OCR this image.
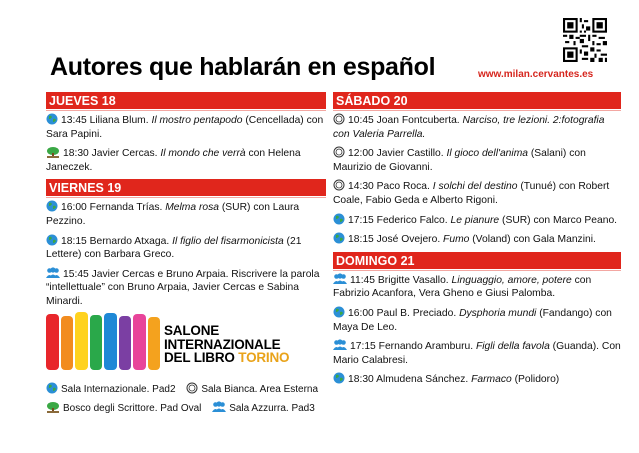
Autores que hablarán en español	www.milan.cervantes.es
JUEVES 18
13:45 Liliana Blum. Il mostro pentapodo (Cencellada) con Sara Papini.
18:30 Javier Cercas. Il mondo che verrà con Helena Janeczek.
VIERNES 19
16:00 Fernanda Trías. Melma rosa (SUR) con Laura Pezzino.
18:15 Bernardo Atxaga. Il figlio del fisarmonicista (21 Lettere) con Barbara Greco.
15:45 Javier Cercas e Bruno Arpaia. Riscrivere la parola “intellettuale” con Bruno Arpaia, Javier Cercas e Sabina Minardi.
SÁBADO 20
10:45 Joan Fontcuberta. Narciso, tre lezioni. 2:fotografia con Valeria Parrella.
12:00 Javier Castillo. Il gioco dell'anima (Salani) con Maurizio de Giovanni.
14:30 Paco Roca. I solchi del destino (Tunué) con Robert Coale, Fabio Geda e Alberto Rigoni.
17:15 Federico Falco. Le pianure (SUR) con Marco Peano.
18:15 José Ovejero. Fumo (Voland) con Gala Manzini.
DOMINGO 21
11:45 Brigitte Vasallo. Linguaggio, amore, potere con Fabrizio Acanfora, Vera Gheno e Giusi Palomba.
16:00 Paul B. Preciado. Dysphoria mundi (Fandango) con Maya De Leo.
17:15 Fernando Aramburu. Figli della favola (Guanda). Con Mario Calabresi.
18:30 Almudena Sánchez. Farmaco (Polidoro)
SALONE
INTERNAZIONALE
DEL LIBRO TORINO
Sala Internazionale. Pad2	Sala Bianca. Area Esterna
Bosco degli Scrittore. Pad Oval	Sala Azzurra. Pad3
